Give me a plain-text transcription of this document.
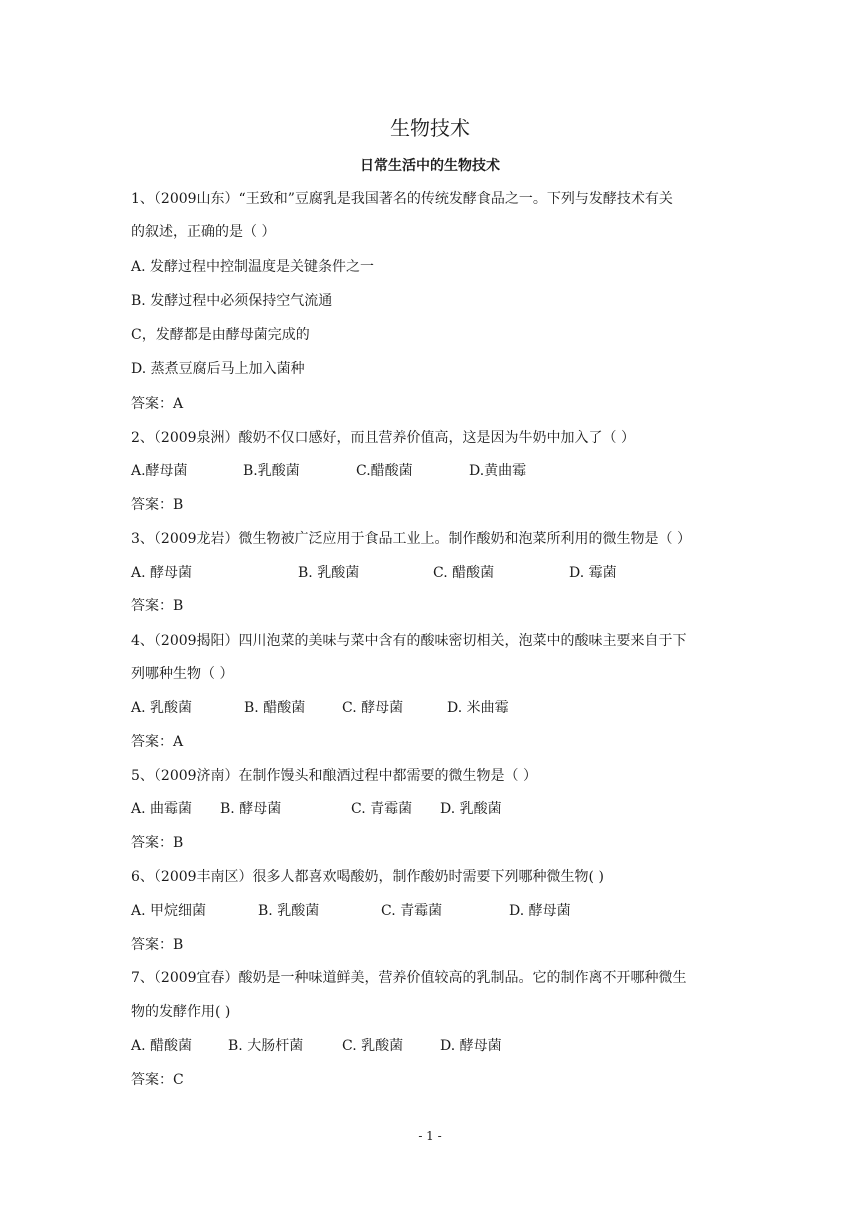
生物技术
日常生活中的生物技术
1、（2009山东）“王致和”豆腐乳是我国著名的传统发酵食品之一。下列与发酵技术有关
的叙述，正确的是（ ）
A. 发酵过程中控制温度是关键条件之一
B. 发酵过程中必须保持空气流通
C，发酵都是由酵母菌完成的
D. 蒸煮豆腐后马上加入菌种
答案：A
2、（2009泉洲）酸奶不仅口感好，而且营养价值高，这是因为牛奶中加入了（ ）
A.酵母菌	B.乳酸菌	C.醋酸菌	D.黄曲霉
答案：B
3、（2009龙岩）微生物被广泛应用于食品工业上。制作酸奶和泡菜所利用的微生物是（ ）
A. 酵母菌	B. 乳酸菌	C. 醋酸菌	D. 霉菌
答案：B
4、（2009揭阳）四川泡菜的美味与菜中含有的酸味密切相关，泡菜中的酸味主要来自于下
列哪种生物（ ）
A. 乳酸菌	B. 醋酸菌	C. 酵母菌	D. 米曲霉
答案：A
5、（2009济南）在制作馒头和酿酒过程中都需要的微生物是（ ）
A. 曲霉菌 B. 酵母菌	C. 青霉菌 D. 乳酸菌
答案：B
6、（2009丰南区）很多人都喜欢喝酸奶，制作酸奶时需要下列哪种微生物( )
A. 甲烷细菌	B. 乳酸菌	C. 青霉菌	D. 酵母菌
答案：B
7、（2009宜春）酸奶是一种味道鲜美，营养价值较高的乳制品。它的制作离不开哪种微生
物的发酵作用( )
A. 醋酸菌	B. 大肠杆菌	C. 乳酸菌	D. 酵母菌
答案：C
- 1 -
